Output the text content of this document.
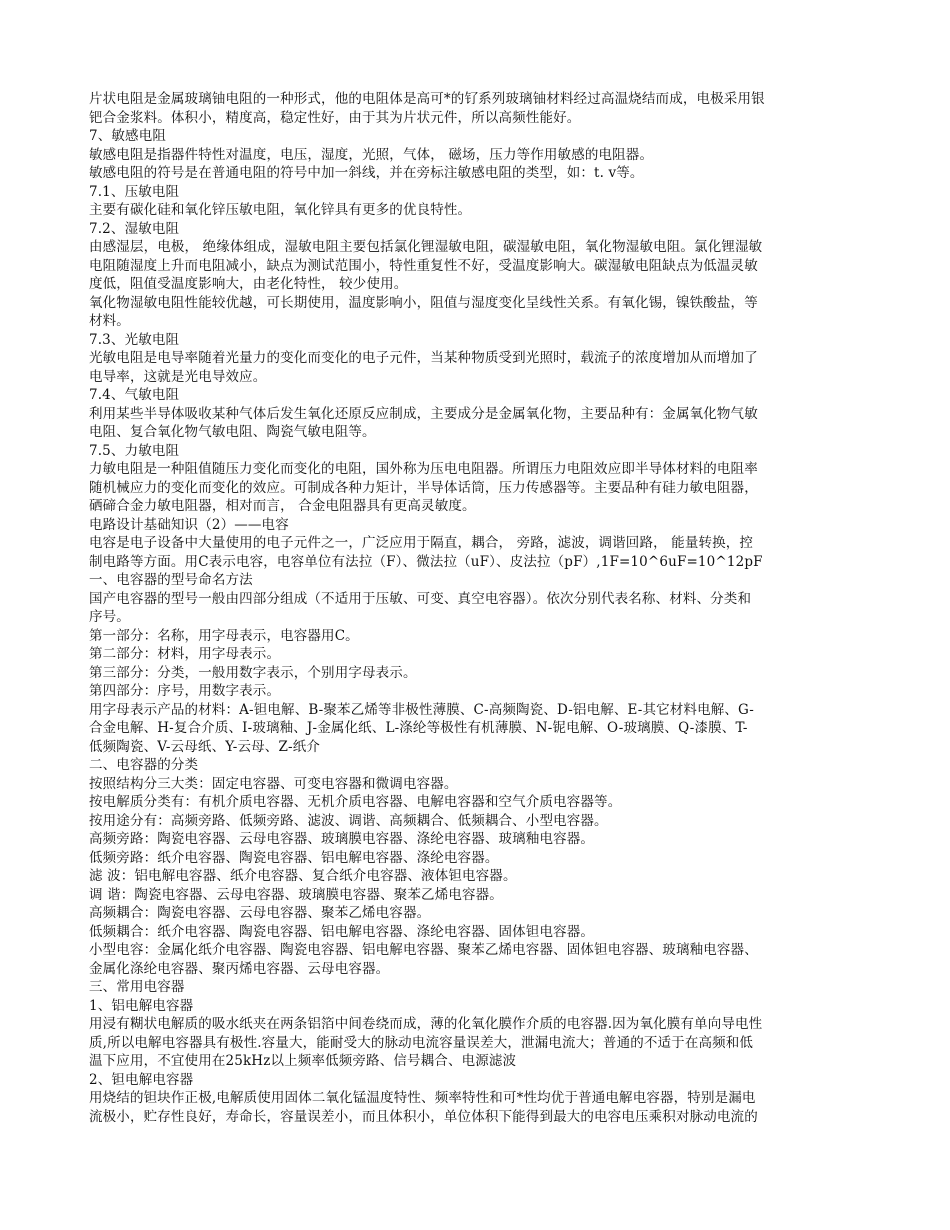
片状电阻是金属玻璃铀电阻的一种形式，他的电阻体是高可*的钌系列玻璃铀材料经过高温烧结而成，电极采用银
钯合金浆料。体积小，精度高，稳定性好，由于其为片状元件，所以高频性能好。
7、敏感电阻
敏感电阻是指器件特性对温度，电压，湿度，光照，气体， 磁场，压力等作用敏感的电阻器。
敏感电阻的符号是在普通电阻的符号中加一斜线，并在旁标注敏感电阻的类型，如：t. v等。
7.1、压敏电阻
主要有碳化硅和氧化锌压敏电阻，氧化锌具有更多的优良特性。
7.2、湿敏电阻
由感湿层，电极， 绝缘体组成，湿敏电阻主要包括氯化锂湿敏电阻，碳湿敏电阻，氧化物湿敏电阻。氯化锂湿敏
电阻随湿度上升而电阻减小，缺点为测试范围小，特性重复性不好，受温度影响大。碳湿敏电阻缺点为低温灵敏
度低，阻值受温度影响大，由老化特性， 较少使用。
氧化物湿敏电阻性能较优越，可长期使用，温度影响小，阻值与湿度变化呈线性关系。有氧化锡，镍铁酸盐，等
材料。
7.3、光敏电阻
光敏电阻是电导率随着光量力的变化而变化的电子元件，当某种物质受到光照时，载流子的浓度增加从而增加了
电导率，这就是光电导效应。
7.4、气敏电阻
利用某些半导体吸收某种气体后发生氧化还原反应制成，主要成分是金属氧化物，主要品种有：金属氧化物气敏
电阻、复合氧化物气敏电阻、陶瓷气敏电阻等。
7.5、力敏电阻
力敏电阻是一种阻值随压力变化而变化的电阻，国外称为压电电阻器。所谓压力电阻效应即半导体材料的电阻率
随机械应力的变化而变化的效应。可制成各种力矩计，半导体话筒，压力传感器等。主要品种有硅力敏电阻器，
硒碲合金力敏电阻器，相对而言， 合金电阻器具有更高灵敏度。
电路设计基础知识（2）——电容
电容是电子设备中大量使用的电子元件之一，广泛应用于隔直，耦合， 旁路，滤波，调谐回路， 能量转换，控
制电路等方面。用C表示电容，电容单位有法拉（F）、微法拉（uF）、皮法拉（pF）,1F=10^6uF=10^12pF
一、电容器的型号命名方法
国产电容器的型号一般由四部分组成（不适用于压敏、可变、真空电容器）。依次分别代表名称、材料、分类和
序号。
第一部分：名称，用字母表示，电容器用C。
第二部分：材料，用字母表示。
第三部分：分类，一般用数字表示，个别用字母表示。
第四部分：序号，用数字表示。
用字母表示产品的材料：A-钽电解、B-聚苯乙烯等非极性薄膜、C-高频陶瓷、D-铝电解、E-其它材料电解、G-
合金电解、H-复合介质、I-玻璃釉、J-金属化纸、L-涤纶等极性有机薄膜、N-铌电解、O-玻璃膜、Q-漆膜、T-
低频陶瓷、V-云母纸、Y-云母、Z-纸介
二、电容器的分类
按照结构分三大类：固定电容器、可变电容器和微调电容器。
按电解质分类有：有机介质电容器、无机介质电容器、电解电容器和空气介质电容器等。
按用途分有：高频旁路、低频旁路、滤波、调谐、高频耦合、低频耦合、小型电容器。
高频旁路：陶瓷电容器、云母电容器、玻璃膜电容器、涤纶电容器、玻璃釉电容器。
低频旁路：纸介电容器、陶瓷电容器、铝电解电容器、涤纶电容器。
滤 波：铝电解电容器、纸介电容器、复合纸介电容器、液体钽电容器。
调 谐：陶瓷电容器、云母电容器、玻璃膜电容器、聚苯乙烯电容器。
高频耦合：陶瓷电容器、云母电容器、聚苯乙烯电容器。
低频耦合：纸介电容器、陶瓷电容器、铝电解电容器、涤纶电容器、固体钽电容器。
小型电容：金属化纸介电容器、陶瓷电容器、铝电解电容器、聚苯乙烯电容器、固体钽电容器、玻璃釉电容器、
金属化涤纶电容器、聚丙烯电容器、云母电容器。
三、常用电容器
1、铝电解电容器
用浸有糊状电解质的吸水纸夹在两条铝箔中间卷绕而成，薄的化氧化膜作介质的电容器.因为氧化膜有单向导电性
质,所以电解电容器具有极性.容量大，能耐受大的脉动电流容量误差大，泄漏电流大；普通的不适于在高频和低
温下应用，不宜使用在25kHz以上频率低频旁路、信号耦合、电源滤波
2、钽电解电容器
用烧结的钽块作正极,电解质使用固体二氧化锰温度特性、频率特性和可*性均优于普通电解电容器，特别是漏电
流极小，贮存性良好，寿命长，容量误差小，而且体积小，单位体积下能得到最大的电容电压乘积对脉动电流的
